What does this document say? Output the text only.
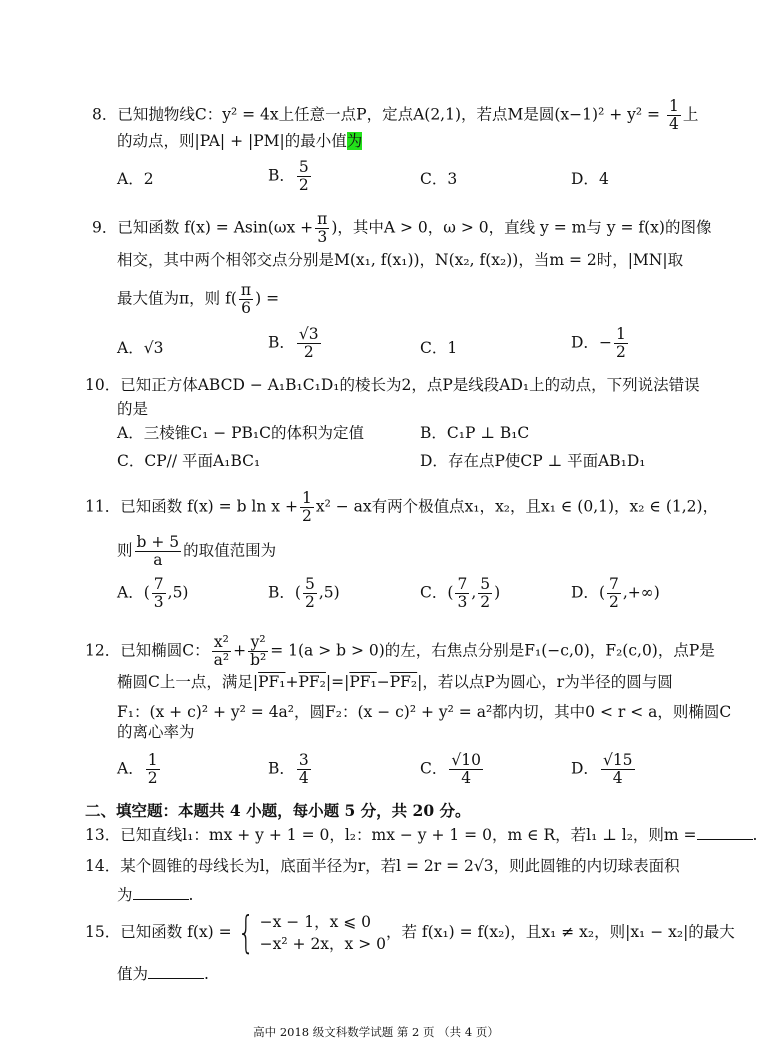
8．已知抛物线C：y² = 4x上任意一点P，定点A(2,1)，若点M是圆$(x-1)^2 + y^2 = \frac{1}{4}$ 上
的动点，则|PA| + |PM|的最小值为
A．2	B． $\frac{5}{2}$	C．3	D．4
9．已知函数 $f(x) = Asin(\omega x + \frac{\pi}{3}$ )，其中A > 0，ω > 0，直线 y = m与 y = f(x)的图像
相交，其中两个相邻交点分别是M(x₁, f(x₁))，N(x₂, f(x₂))，当m = 2时，|MN|取
最大值为π，则 $f( \frac{\pi}{6}$ ) =
A．√3	B． $\frac{√3}{2}$	C．1	D．− $\frac{1}{2}$
10．已知正方体ABCD − A₁B₁C₁D₁的棱长为2，点P是线段AD₁上的动点，下列说法错误
的是
A．三棱锥C₁ − PB₁C的体积为定值	B．C₁P ⊥ B₁C
C．CP// 平面A₁BC₁	D．存在点P使CP ⊥ 平面AB₁D₁
11．已知函数 f(x) = b $\ln x + \frac{1}{2} x^2$ − ax有两个极值点x₁，x₂，且x₁ ∈ (0,1)，x₂ ∈ (1,2)，
则 $\frac{b + 5}{a}$ 的取值范围为
A．( $\frac{7}{3} ,5$)	B．( $\frac{5}{2} ,5$)	C．( $\frac{7}{3}$ , $\frac{5}{2}$ )	D．( $\frac{7}{2}$ ,+∞)
12．已知椭圆C： $\frac{\text{x²}}{\text{a²}} + \frac{\text{y²}}{\text{b²}} = 1(a > b > 0)$的左，右焦点分别是F₁(−c,0)，F₂(c,0)，点P是
椭圆C上一点，满足|PF₁+PF₂|=|PF₁−PF₂|，若以点P为圆心，r为半径的圆与圆
F₁：(x + c)² + y² = 4a²，圆F₂：(x − c)² + y² = a²都内切，其中0 < r < a，则椭圆C
的离心率为
A． $\frac{1}{2}$	B． $\frac{3}{4}$	C． $\frac{√10}{4}$	D． $\frac{√15}{4}$
二、填空题：本题共 4 小题，每小题 5 分，共 20 分。
13．已知直线l₁：mx + y + 1 = 0，l₂：mx − y + 1 = 0，m ∈ R，若l₁ ⊥ l₂，则m =	.
14．某个圆锥的母线长为l，底面半径为r，若l = 2r = 2√3，则此圆锥的内切球表面积
为	.
15．已知函数 f(x) = { −x − 1，x ⩽ 0
−x² + 2x，x > 0
，若 f(x₁) = f(x₂)，且x₁ ≠ x₂，则|x₁ − x₂|的最大
值为	.
高中 2018 级文科数学试题 第 2 页 （共 4 页）
